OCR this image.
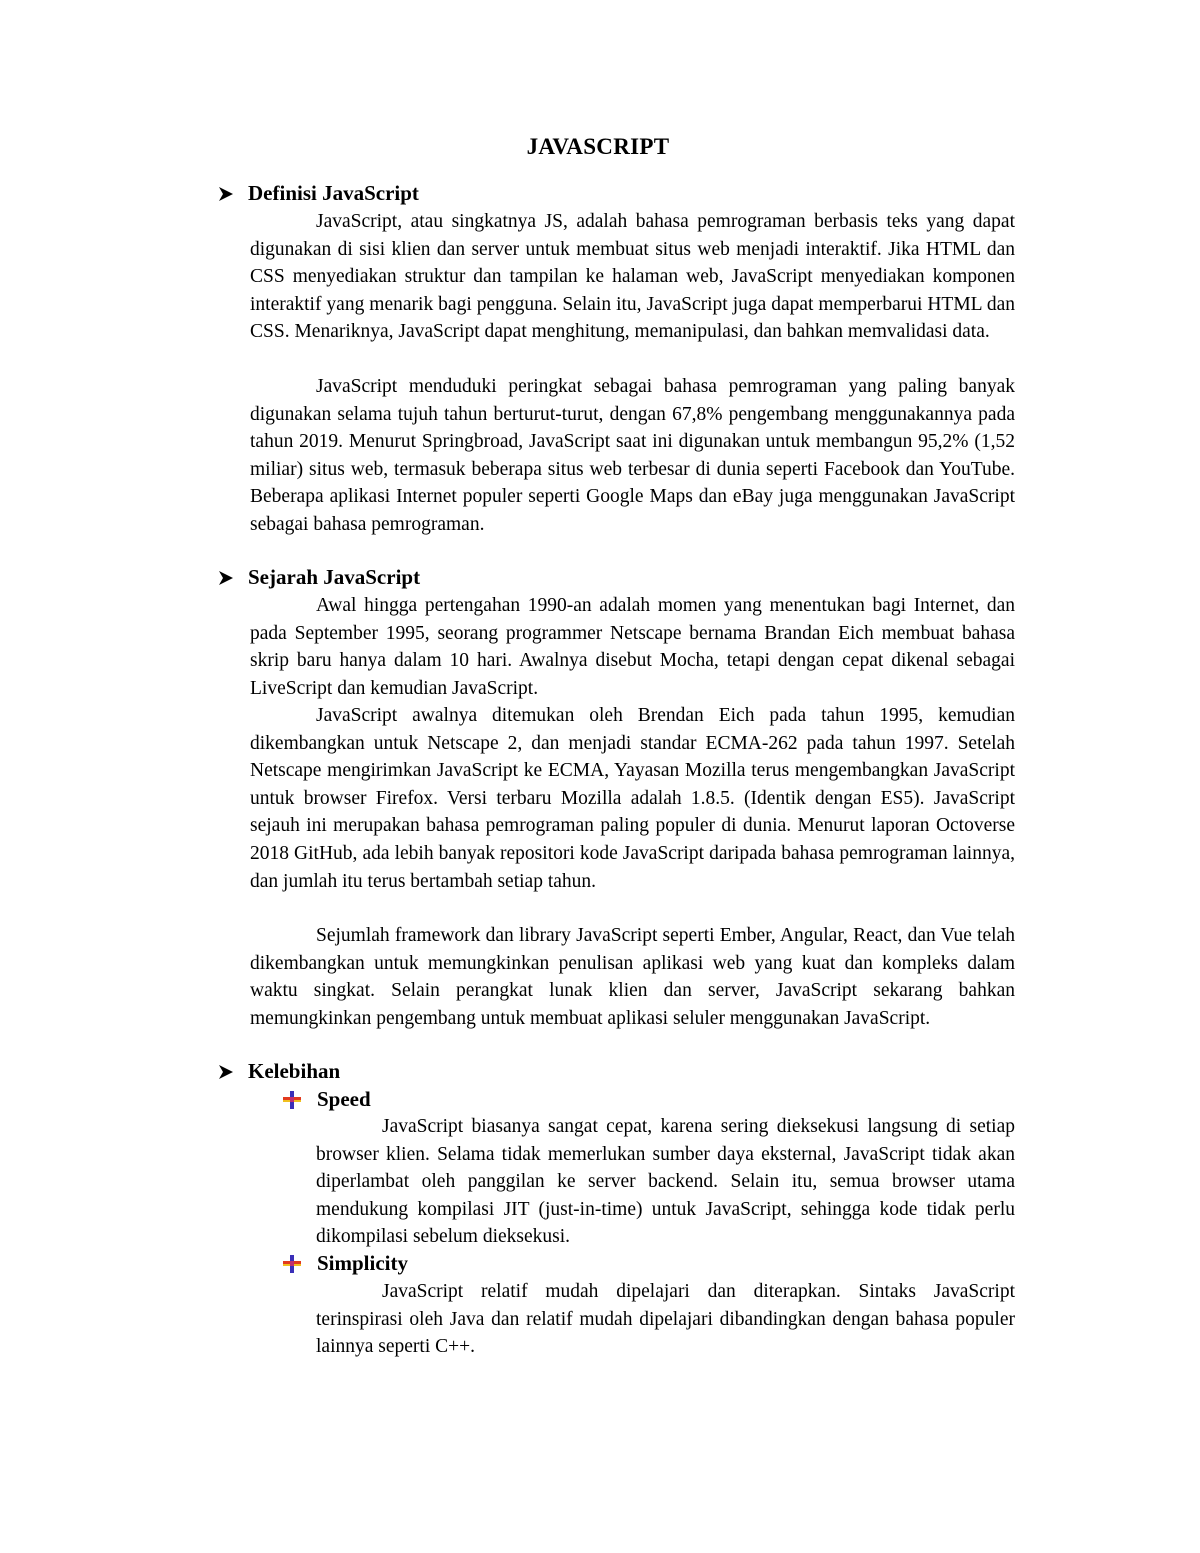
JAVASCRIPT
Definisi JavaScript

JavaScript, atau singkatnya JS, adalah bahasa pemrograman berbasis teks yang dapat digunakan di sisi klien dan server untuk membuat situs web menjadi interaktif. Jika HTML dan CSS menyediakan struktur dan tampilan ke halaman web, JavaScript menyediakan komponen interaktif yang menarik bagi pengguna. Selain itu, JavaScript juga dapat memperbarui HTML dan CSS. Menariknya, JavaScript dapat menghitung, memanipulasi, dan bahkan memvalidasi data.

JavaScript menduduki peringkat sebagai bahasa pemrograman yang paling banyak digunakan selama tujuh tahun berturut-turut, dengan 67,8% pengembang menggunakannya pada tahun 2019. Menurut Springbroad, JavaScript saat ini digunakan untuk membangun 95,2% (1,52 miliar) situs web, termasuk beberapa situs web terbesar di dunia seperti Facebook dan YouTube. Beberapa aplikasi Internet populer seperti Google Maps dan eBay juga menggunakan JavaScript sebagai bahasa pemrograman.

Sejarah JavaScript

Awal hingga pertengahan 1990-an adalah momen yang menentukan bagi Internet, dan pada September 1995, seorang programmer Netscape bernama Brandan Eich membuat bahasa skrip baru hanya dalam 10 hari. Awalnya disebut Mocha, tetapi dengan cepat dikenal sebagai LiveScript dan kemudian JavaScript.

JavaScript awalnya ditemukan oleh Brendan Eich pada tahun 1995, kemudian dikembangkan untuk Netscape 2, dan menjadi standar ECMA-262 pada tahun 1997. Setelah Netscape mengirimkan JavaScript ke ECMA, Yayasan Mozilla terus mengembangkan JavaScript untuk browser Firefox. Versi terbaru Mozilla adalah 1.8.5. (Identik dengan ES5). JavaScript sejauh ini merupakan bahasa pemrograman paling populer di dunia. Menurut laporan Octoverse 2018 GitHub, ada lebih banyak repositori kode JavaScript daripada bahasa pemrograman lainnya, dan jumlah itu terus bertambah setiap tahun.

Sejumlah framework dan library JavaScript seperti Ember, Angular, React, dan Vue telah dikembangkan untuk memungkinkan penulisan aplikasi web yang kuat dan kompleks dalam waktu singkat. Selain perangkat lunak klien dan server, JavaScript sekarang bahkan memungkinkan pengembang untuk membuat aplikasi seluler menggunakan JavaScript.

Kelebihan
Speed

JavaScript biasanya sangat cepat, karena sering dieksekusi langsung di setiap browser klien. Selama tidak memerlukan sumber daya eksternal, JavaScript tidak akan diperlambat oleh panggilan ke server backend. Selain itu, semua browser utama mendukung kompilasi JIT (just-in-time) untuk JavaScript, sehingga kode tidak perlu dikompilasi sebelum dieksekusi.

Simplicity

JavaScript relatif mudah dipelajari dan diterapkan. Sintaks JavaScript terinspirasi oleh Java dan relatif mudah dipelajari dibandingkan dengan bahasa populer lainnya seperti C++.
